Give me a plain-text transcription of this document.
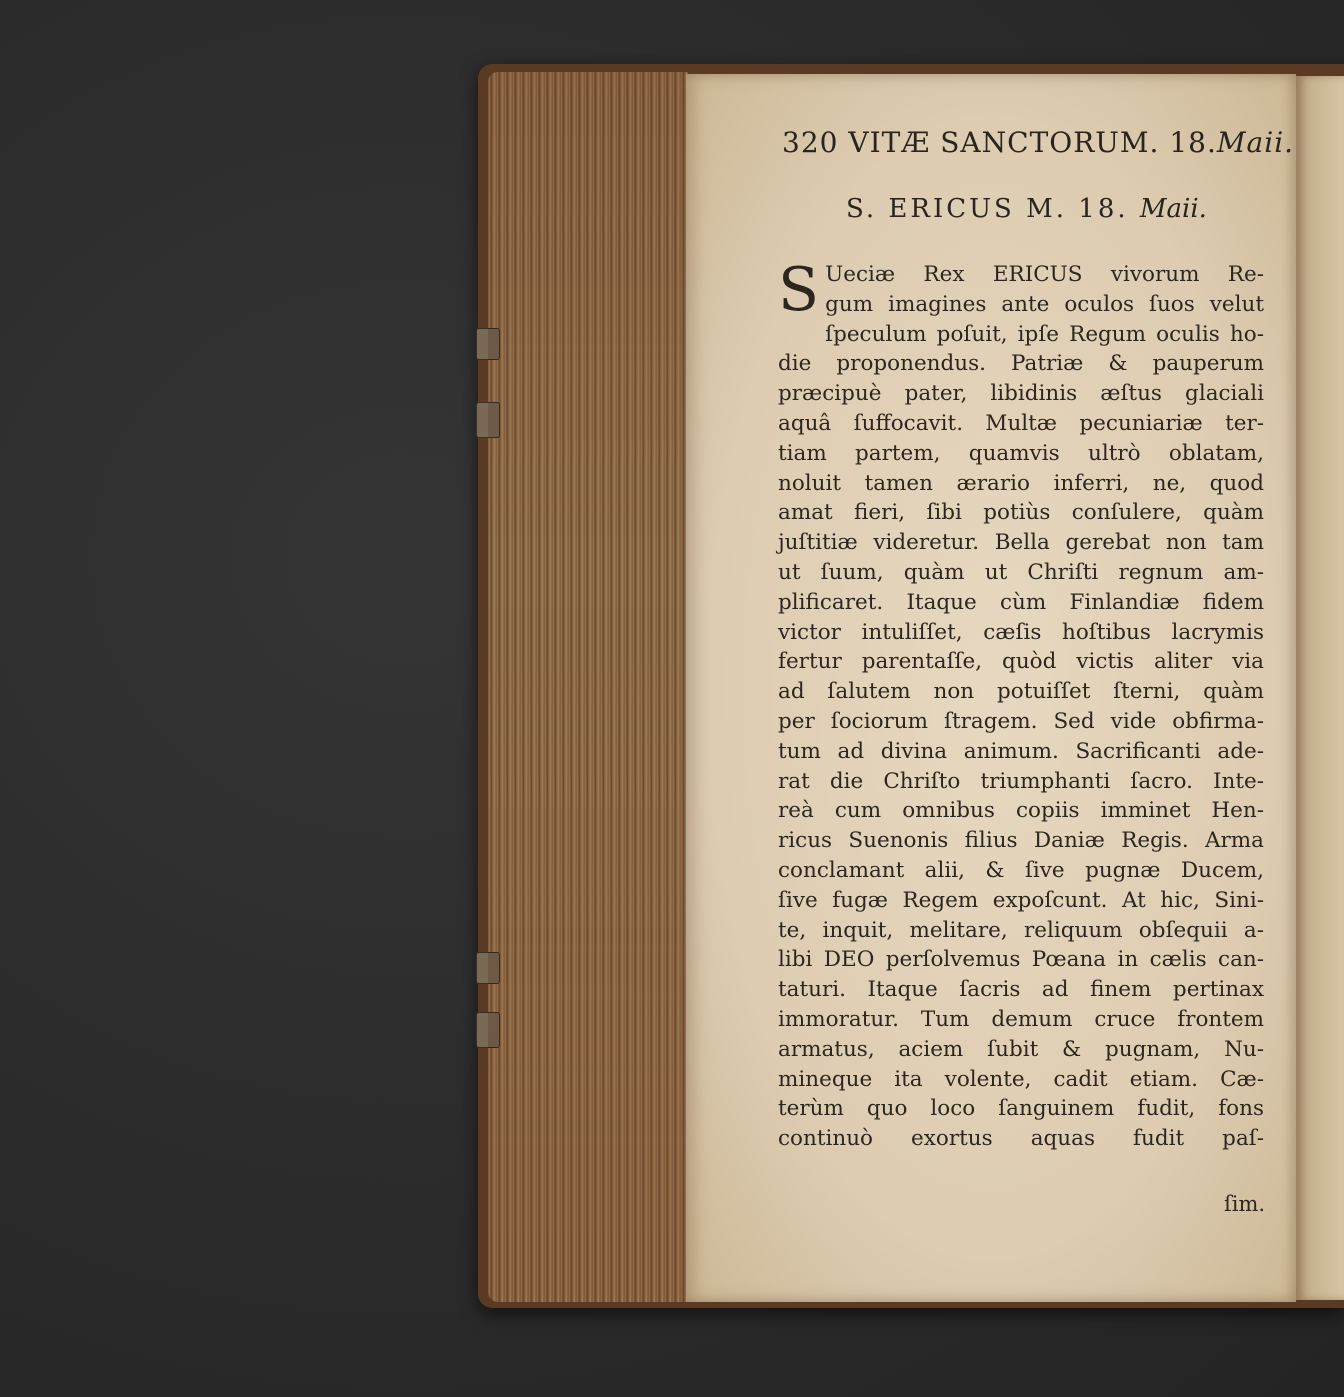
320 VITÆ SANCTORUM. 18.Maii.
S. ERICUS M. 18. Maii.
S Ueciæ Rex ERICUS vivorum Re-
gum imagines ante oculos ſuos velut
ſpeculum poſuit, ipſe Regum oculis ho-
die proponendus. Patriæ & pauperum
præcipuè pater, libidinis æſtus glaciali
aquâ ſuffocavit. Multæ pecuniariæ ter-
tiam partem, quamvis ultrò oblatam,
noluit tamen ærario inferri, ne, quod
amat fieri, ſibi potiùs conſulere, quàm
juſtitiæ videretur. Bella gerebat non tam
ut ſuum, quàm ut Chriſti regnum am-
plificaret. Itaque cùm Finlandiæ fidem
victor intuliſſet, cæſis hoſtibus lacrymis
fertur parentaſſe, quòd victis aliter via
ad ſalutem non potuiſſet ſterni, quàm
per ſociorum ſtragem. Sed vide obfirma-
tum ad divina animum. Sacrificanti ade-
rat die Chriſto triumphanti ſacro. Inte-
reà cum omnibus copiis imminet Hen-
ricus Suenonis filius Daniæ Regis. Arma
conclamant alii, & ſive pugnæ Ducem,
ſive fugæ Regem expoſcunt. At hic, Sini-
te, inquit, melitare, reliquum obſequii a-
libi DEO perſolvemus Pœana in cælis can-
taturi. Itaque ſacris ad finem pertinax
immoratur. Tum demum cruce frontem
armatus, aciem ſubit & pugnam, Nu-
mineque ita volente, cadit etiam. Cæ-
terùm quo loco ſanguinem fudit, fons
continuò exortus aquas fudit paſ-
ſim.
